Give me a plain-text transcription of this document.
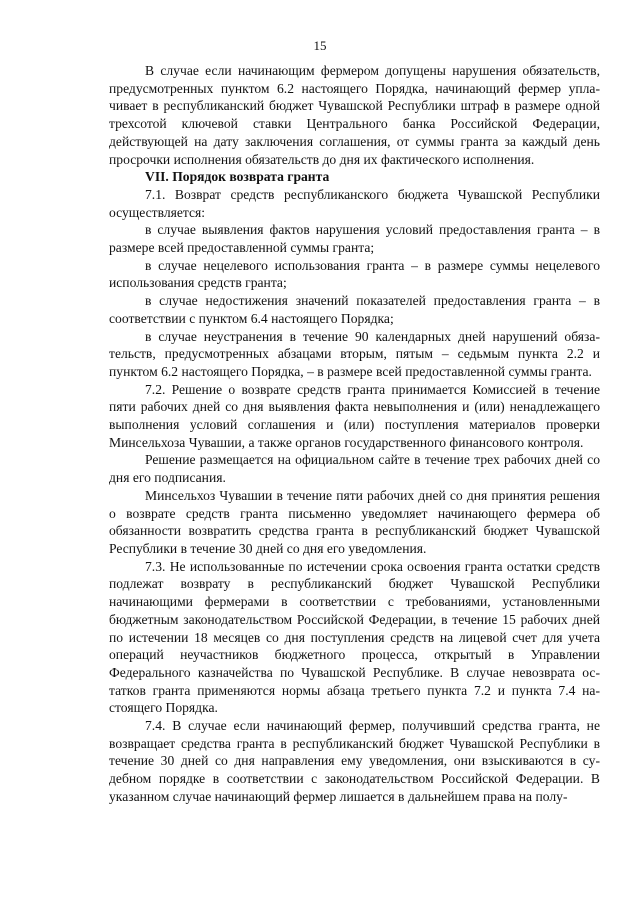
15

В случае если начинающим фермером допущены нарушения обязательств, предусмотренных пунктом 6.2 настоящего Порядка, начинающий фермер уплачивает в республиканский бюджет Чувашской Республики штраф в размере одной трехсотой ключевой ставки Центрального банка Российской Федерации, действующей на дату заключения соглашения, от суммы гранта за каждый день просрочки исполнения обязательств до дня их фактического исполнения.

VII. Порядок возврата гранта

7.1. Возврат средств республиканского бюджета Чувашской Республики осуществляется:

в случае выявления фактов нарушения условий предоставления гранта – в размере всей предоставленной суммы гранта;

в случае нецелевого использования гранта – в размере суммы нецелевого использования средств гранта;

в случае недостижения значений показателей предоставления гранта – в соответствии с пунктом 6.4 настоящего Порядка;

в случае неустранения в течение 90 календарных дней нарушений обязательств, предусмотренных абзацами вторым, пятым – седьмым пункта 2.2 и пунктом 6.2 настоящего Порядка, – в размере всей предоставленной суммы гранта.

7.2. Решение о возврате средств гранта принимается Комиссией в течение пяти рабочих дней со дня выявления факта невыполнения и (или) ненадлежащего выполнения условий соглашения и (или) поступления материалов проверки Минсельхоза Чувашии, а также органов государственного финансового контроля.

Решение размещается на официальном сайте в течение трех рабочих дней со дня его подписания.

Минсельхоз Чувашии в течение пяти рабочих дней со дня принятия решения о возврате средств гранта письменно уведомляет начинающего фермера об обязанности возвратить средства гранта в республиканский бюджет Чувашской Республики в течение 30 дней со дня его уведомления.

7.3. Не использованные по истечении срока освоения гранта остатки средств подлежат возврату в республиканский бюджет Чувашской Республики начинающими фермерами в соответствии с требованиями, установленными бюджетным законодательством Российской Федерации, в течение 15 рабочих дней по истечении 18 месяцев со дня поступления средств на лицевой счет для учета операций неучастников бюджетного процесса, открытый в Управлении Федерального казначейства по Чувашской Республике. В случае невозврата остатков гранта применяются нормы абзаца третьего пункта 7.2 и пункта 7.4 настоящего Порядка.

7.4. В случае если начинающий фермер, получивший средства гранта, не возвращает средства гранта в республиканский бюджет Чувашской Республики в течение 30 дней со дня направления ему уведомления, они взыскиваются в судебном порядке в соответствии с законодательством Российской Федерации. В указанном случае начинающий фермер лишается в дальнейшем права на полу-
